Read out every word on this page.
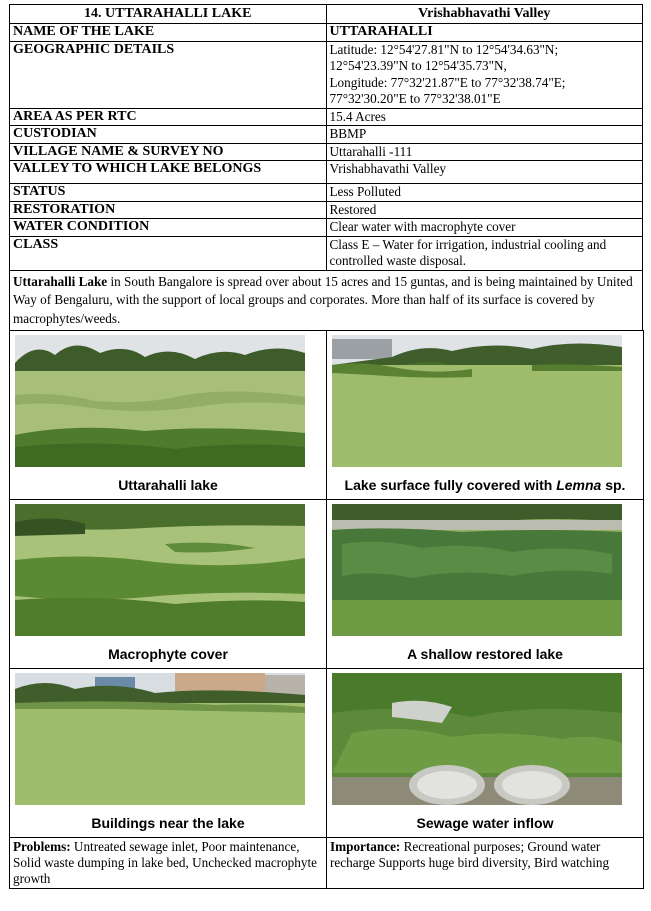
14. UTTARAHALLI LAKE	Vrishabhavathi Valley
NAME OF THE LAKE	UTTARAHALLI
GEOGRAPHIC DETAILS	Latitude: 12°54'27.81"N to 12°54'34.63"N;
12°54'23.39"N to 12°54'35.73"N,
Longitude: 77°32'21.87"E to 77°32'38.74"E;
77°32'30.20"E to 77°32'38.01"E

AREA AS PER RTC	15.4 Acres
CUSTODIAN	BBMP
VILLAGE NAME & SURVEY NO	Uttarahalli -111
VALLEY TO WHICH LAKE BELONGS	Vrishabhavathi Valley
STATUS	Less Polluted
RESTORATION	Restored
WATER CONDITION	Clear water with macrophyte cover
CLASS	Class E – Water for irrigation, industrial cooling and controlled waste disposal.
Uttarahalli Lake in South Bangalore is spread over about 15 acres and 15 guntas, and is being maintained by United Way of Bengaluru, with the support of local groups and corporates. More than half of its surface is covered by macrophytes/weeds.	
Uttarahalli lake	Lake surface fully covered with Lemna sp.

Macrophyte cover	A shallow restored lake

Buildings near the lake	Sewage water inflow
Problems: Untreated sewage inlet, Poor maintenance, Solid waste dumping in lake bed, Unchecked macrophyte growth	Importance: Recreational purposes; Ground water recharge Supports huge bird diversity, Bird watching
